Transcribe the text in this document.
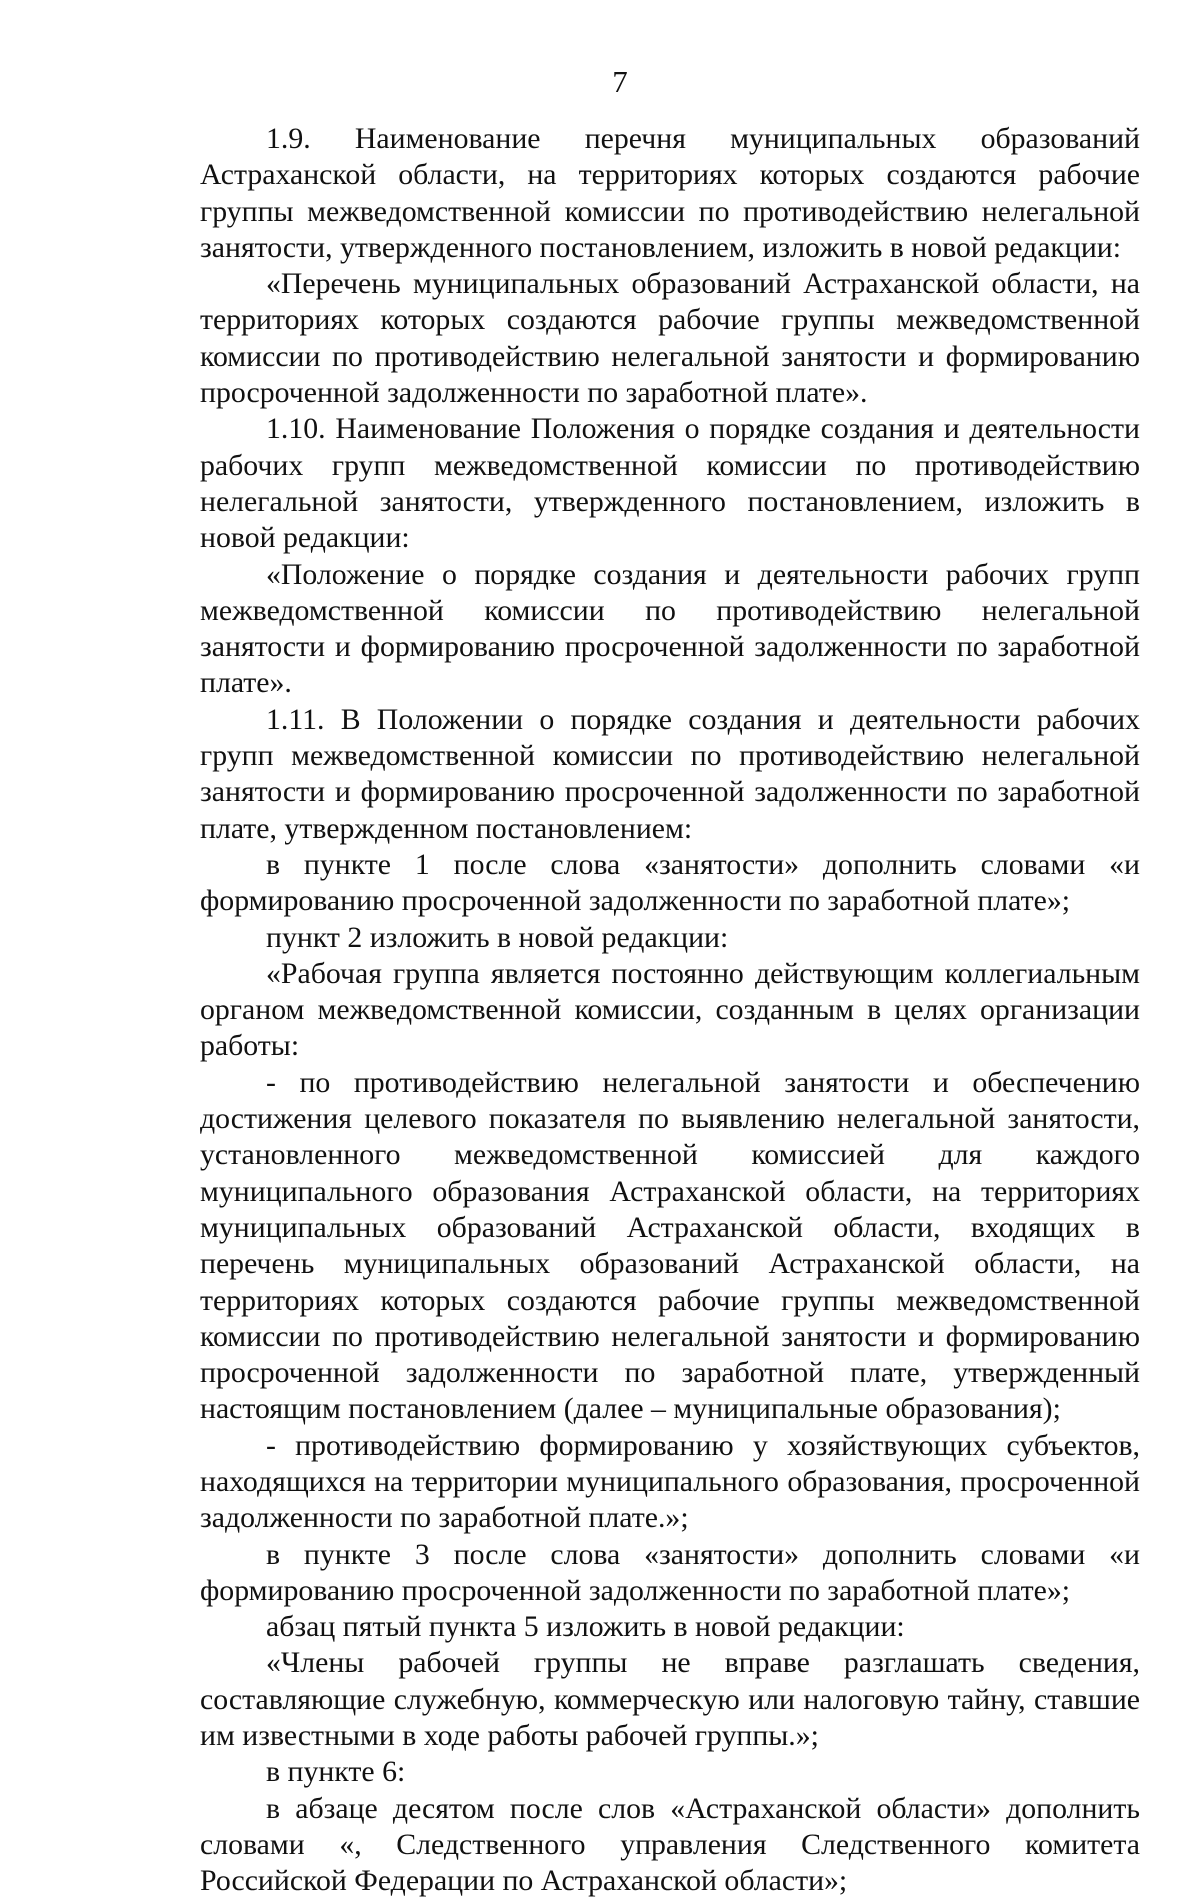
7

1.9. Наименование перечня муниципальных образований Астраханской области, на территориях которых создаются рабочие группы межведомственной комиссии по противодействию нелегальной занятости, утвержденного постановлением, изложить в новой редакции:

«Перечень муниципальных образований Астраханской области, на территориях которых создаются рабочие группы межведомственной комиссии по противодействию нелегальной занятости и формированию просроченной задолженности по заработной плате».

1.10. Наименование Положения о порядке создания и деятельности рабочих групп межведомственной комиссии по противодействию нелегальной занятости, утвержденного постановлением, изложить в новой редакции:

«Положение о порядке создания и деятельности рабочих групп межведомственной комиссии по противодействию нелегальной занятости и формированию просроченной задолженности по заработной плате».

1.11. В Положении о порядке создания и деятельности рабочих групп межведомственной комиссии по противодействию нелегальной занятости и формированию просроченной задолженности по заработной плате, утвержденном постановлением:

в пункте 1 после слова «занятости» дополнить словами «и формированию просроченной задолженности по заработной плате»;

пункт 2 изложить в новой редакции:

«Рабочая группа является постоянно действующим коллегиальным органом межведомственной комиссии, созданным в целях организации работы:

- по противодействию нелегальной занятости и обеспечению достижения целевого показателя по выявлению нелегальной занятости, установленного межведомственной комиссией для каждого муниципального образования Астраханской области, на территориях муниципальных образований Астраханской области, входящих в перечень муниципальных образований Астраханской области, на территориях которых создаются рабочие группы межведомственной комиссии по противодействию нелегальной занятости и формированию просроченной задолженности по заработной плате, утвержденный настоящим постановлением (далее – муниципальные образования);

- противодействию формированию у хозяйствующих субъектов, находящихся на территории муниципального образования, просроченной задолженности по заработной плате.»;

в пункте 3 после слова «занятости» дополнить словами «и формированию просроченной задолженности по заработной плате»;

абзац пятый пункта 5 изложить в новой редакции:

«Члены рабочей группы не вправе разглашать сведения, составляющие служебную, коммерческую или налоговую тайну, ставшие им известными в ходе работы рабочей группы.»;

в пункте 6:

в абзаце десятом после слов «Астраханской области» дополнить словами «, Следственного управления Следственного комитета Российской Федерации по Астраханской области»;
